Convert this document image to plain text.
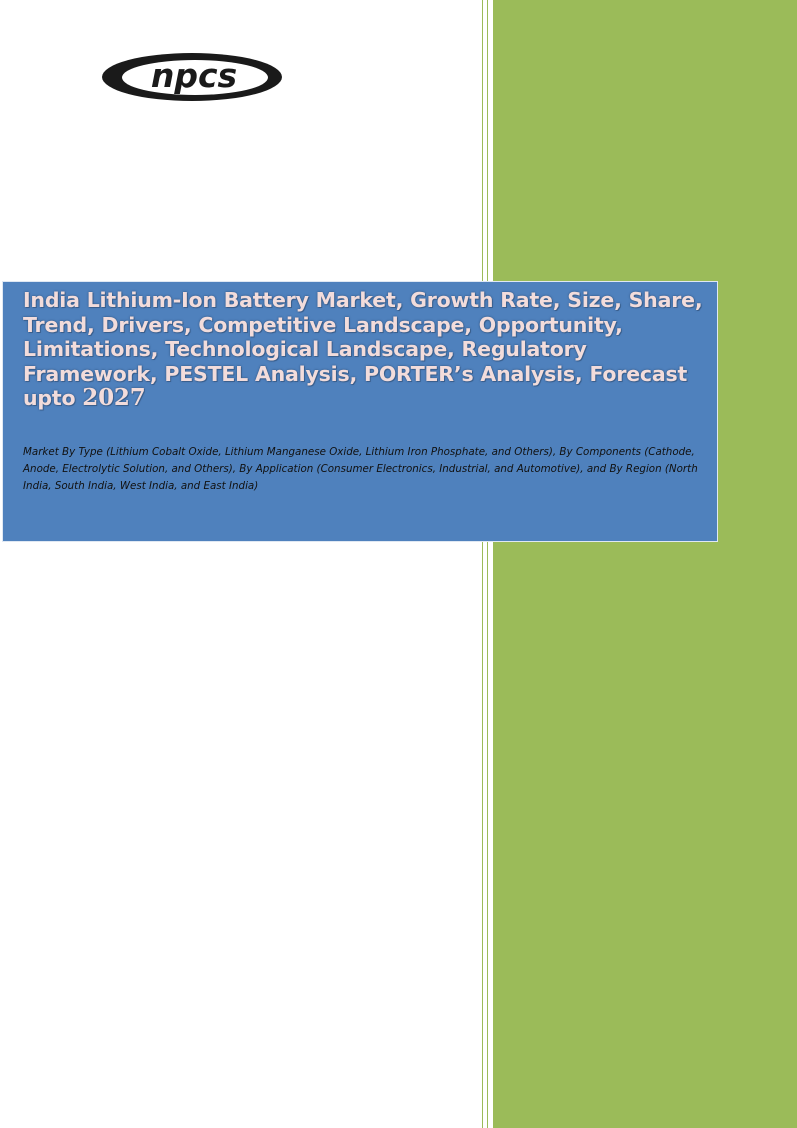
npcs
India Lithium-Ion Battery Market, Growth Rate, Size, Share, Trend, Drivers, Competitive Landscape, Opportunity, Limitations, Technological Landscape, Regulatory Framework, PESTEL Analysis, PORTER’s Analysis, Forecast upto 2027

Market By Type (Lithium Cobalt Oxide, Lithium Manganese Oxide, Lithium Iron Phosphate, and Others), By Components (Cathode, Anode, Electrolytic Solution, and Others), By Application (Consumer Electronics, Industrial, and Automotive), and By Region (North India, South India, West India, and East India)
